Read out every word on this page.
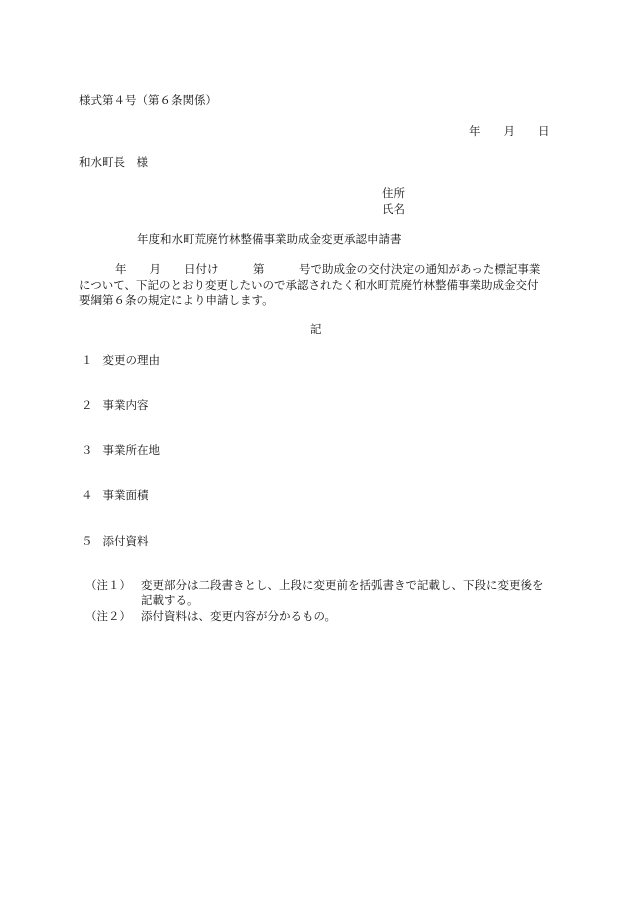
様式第４号（第６条関係）
年　　月　　日
和水町長　様
住所
氏名
年度和水町荒廃竹林整備事業助成金変更承認申請書
年　　月　　日付け　　　第　　　号で助成金の交付決定の通知があった標記事業
について、下記のとおり変更したいので承認されたく和水町荒廃竹林整備事業助成金交付
要綱第６条の規定により申請します。
記
１ 変更の理由
２ 事業内容
３ 事業所在地
４ 事業面積
５ 添付資料
（注１） 変更部分は二段書きとし、上段に変更前を括弧書きで記載し、下段に変更後を
記載する。
（注２） 添付資料は、変更内容が分かるもの。
